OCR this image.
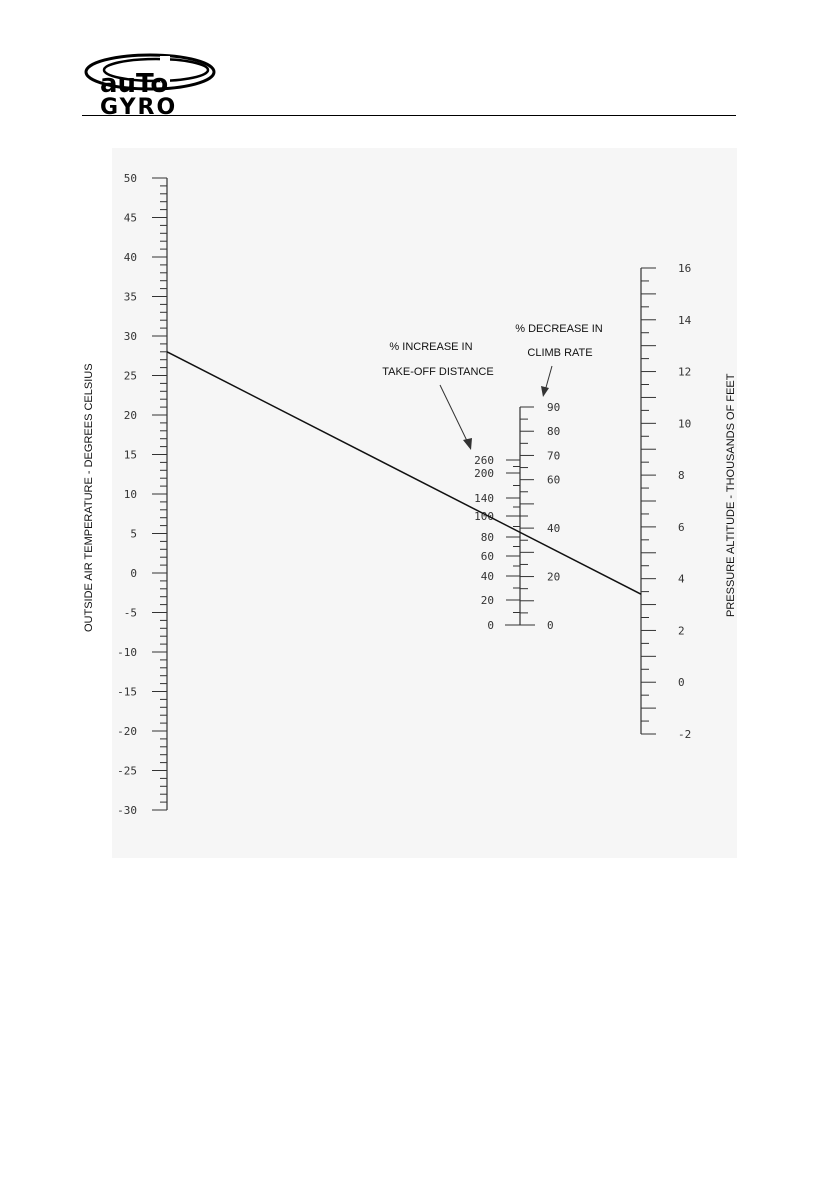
auTo
GYRO
50
45
40
35
30
25
20
15
10
5
0
-5
-10
-15
-20
-25
-30
0
20
40
60
80
100
140
200
260
0
20
40
60
70
80
90
16
14
12
10
8
6
4
2
0
-2
OUTSIDE AIR TEMPERATURE - DEGREES CELSIUS	PRESSURE ALTITUDE - THOUSANDS OF FEET
% INCREASE IN
TAKE-OFF DISTANCE
% DECREASE IN
CLIMB RATE
